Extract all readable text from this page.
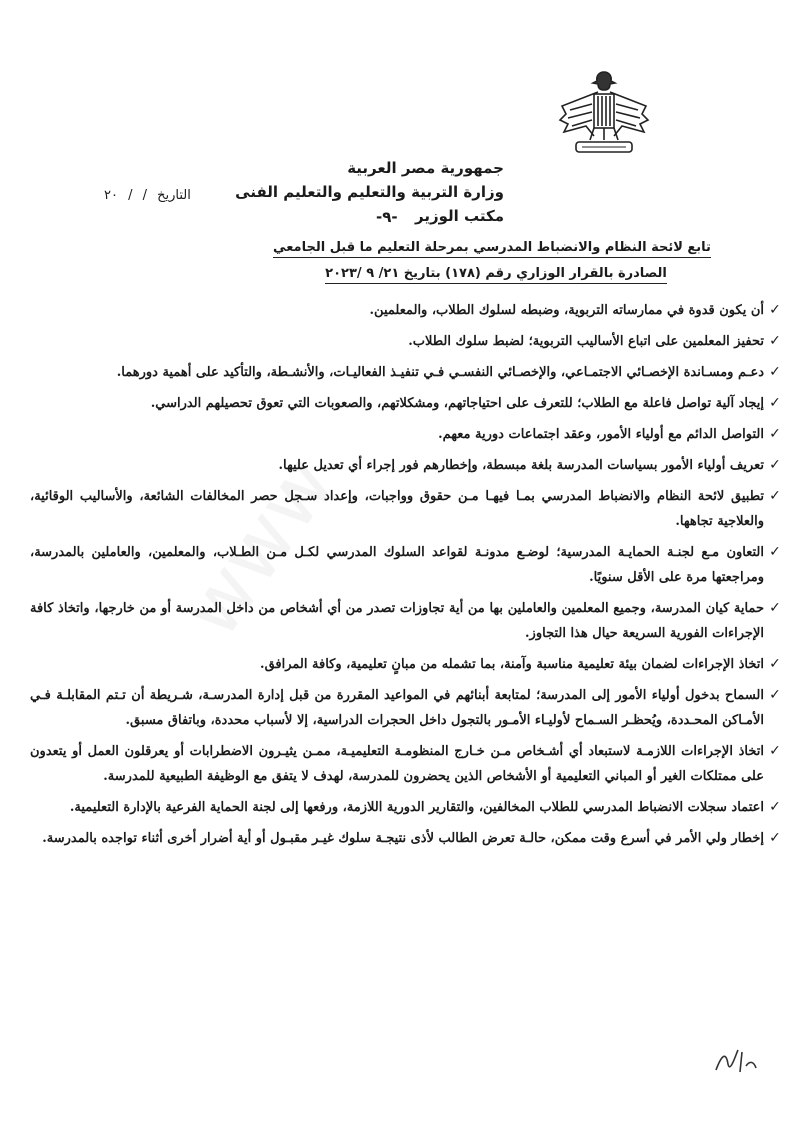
www
جمهورية مصر العربية
وزارة التربية والتعليم والتعليم الفنى
مكتب الوزير
التاريخ / / ٢٠
-٩-
تابع لائحة النظام والانضباط المدرسي بمرحلة التعليم ما قبل الجامعي
الصادرة بالقرار الوزاري رقم (١٧٨) بتاريخ ٢١/ ٩ /٢٠٢٣
✓
أن يكون قدوة في ممارساته التربوية، وضبطه لسلوك الطلاب، والمعلمين.
✓
تحفيز المعلمين على اتباع الأساليب التربوية؛ لضبط سلوك الطلاب.
✓
دعـم ومسـاندة الإخصـائي الاجتمـاعي، والإخصـائي النفسـي فـي تنفيـذ الفعاليـات، والأنشـطة، والتأكيد على أهمية دورهما.
✓
إيجاد آلية تواصل فاعلة مع الطلاب؛ للتعرف على احتياجاتهم، ومشكلاتهم، والصعوبات التي تعوق تحصيلهم الدراسي.
✓
التواصل الدائم مع أولياء الأمور، وعقد اجتماعات دورية معهم.
✓
تعريف أولياء الأمور بسياسات المدرسة بلغة مبسطة، وإخطارهم فور إجراء أي تعديل عليها.
✓
تطبيق لائحة النظام والانضباط المدرسي بمـا فيهـا مـن حقوق وواجبات، وإعداد سـجل حصر المخالفات الشائعة، والأساليب الوقائية، والعلاجية تجاهها.
✓
التعاون مـع لجنـة الحمايـة المدرسية؛ لوضـع مدونـة لقواعد السلوك المدرسي لكـل مـن الطـلاب، والمعلمين، والعاملين بالمدرسة، ومراجعتها مرة على الأقل سنويًا.
✓
حماية كيان المدرسة، وجميع المعلمين والعاملين بها من أية تجاوزات تصدر من أي أشخاص من داخل المدرسة أو من خارجها، واتخاذ كافة الإجراءات الفورية السريعة حيال هذا التجاوز.
✓
اتخاذ الإجراءات لضمان بيئة تعليمية مناسبة وآمنة، بما تشمله من مبانٍ تعليمية، وكافة المرافق.
✓
السماح بدخول أولياء الأمور إلى المدرسة؛ لمتابعة أبنائهم في المواعيد المقررة من قبل إدارة المدرسـة، شـريطة أن تـتم المقابلـة فـي الأمـاكن المحـددة، ويُحظـر السـماح لأوليـاء الأمـور بالتجول داخل الحجرات الدراسية، إلا لأسباب محددة، وباتفاق مسبق.
✓
اتخاذ الإجراءات اللازمـة لاستبعاد أي أشـخاص مـن خـارج المنظومـة التعليميـة، ممـن يثيـرون الاضطرابات أو يعرقلون العمل أو يتعدون على ممتلكات الغير أو المباني التعليمية أو الأشخاص الذين يحضرون للمدرسة، لهدف لا يتفق مع الوظيفة الطبيعية للمدرسة.
✓
اعتماد سجلات الانضباط المدرسي للطلاب المخالفين، والتقارير الدورية اللازمة، ورفعها إلى لجنة الحماية الفرعية بالإدارة التعليمية.
✓
إخطار ولي الأمر في أسرع وقت ممكن، حالـة تعرض الطالب لأذى نتيجـة سلوك غيـر مقبـول أو أية أضرار أخرى أثناء تواجده بالمدرسة.
